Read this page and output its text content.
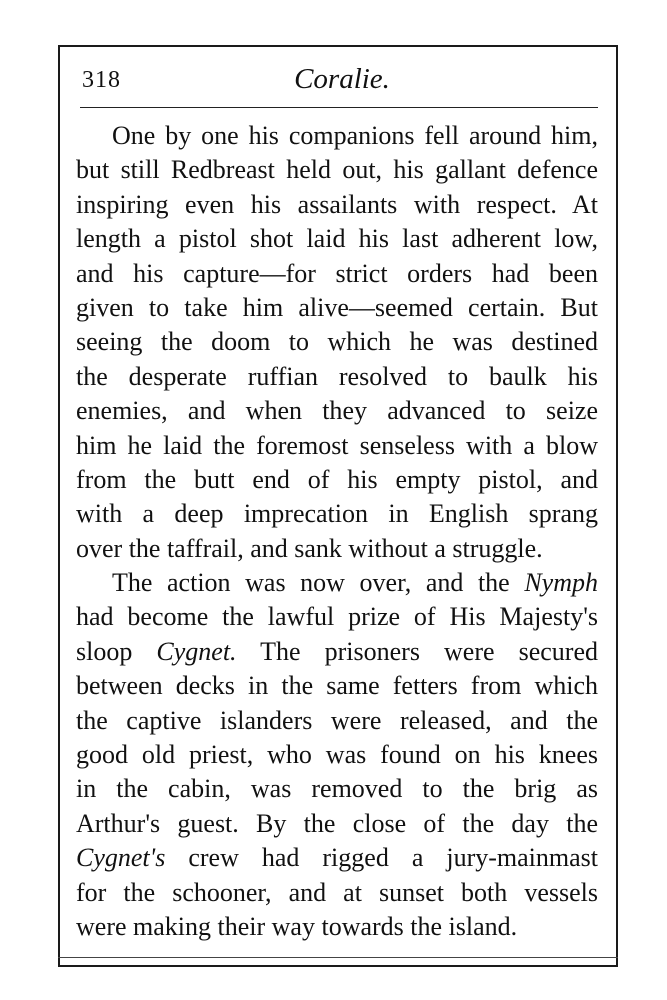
318	Coralie.
One by one his companions fell around him,
but still Redbreast held out, his gallant defence
inspiring even his assailants with respect. At
length a pistol shot laid his last adherent low,
and his capture—for strict orders had been
given to take him alive—seemed certain. But
seeing the doom to which he was destined
the desperate ruffian resolved to baulk his
enemies, and when they advanced to seize
him he laid the foremost senseless with a blow
from the butt end of his empty pistol, and
with a deep imprecation in English sprang
over the taffrail, and sank without a struggle.
The action was now over, and the Nymph
had become the lawful prize of His Majesty's
sloop Cygnet. The prisoners were secured
between decks in the same fetters from which
the captive islanders were released, and the
good old priest, who was found on his knees
in the cabin, was removed to the brig as
Arthur's guest. By the close of the day the
Cygnet's crew had rigged a jury-mainmast
for the schooner, and at sunset both vessels
were making their way towards the island.
